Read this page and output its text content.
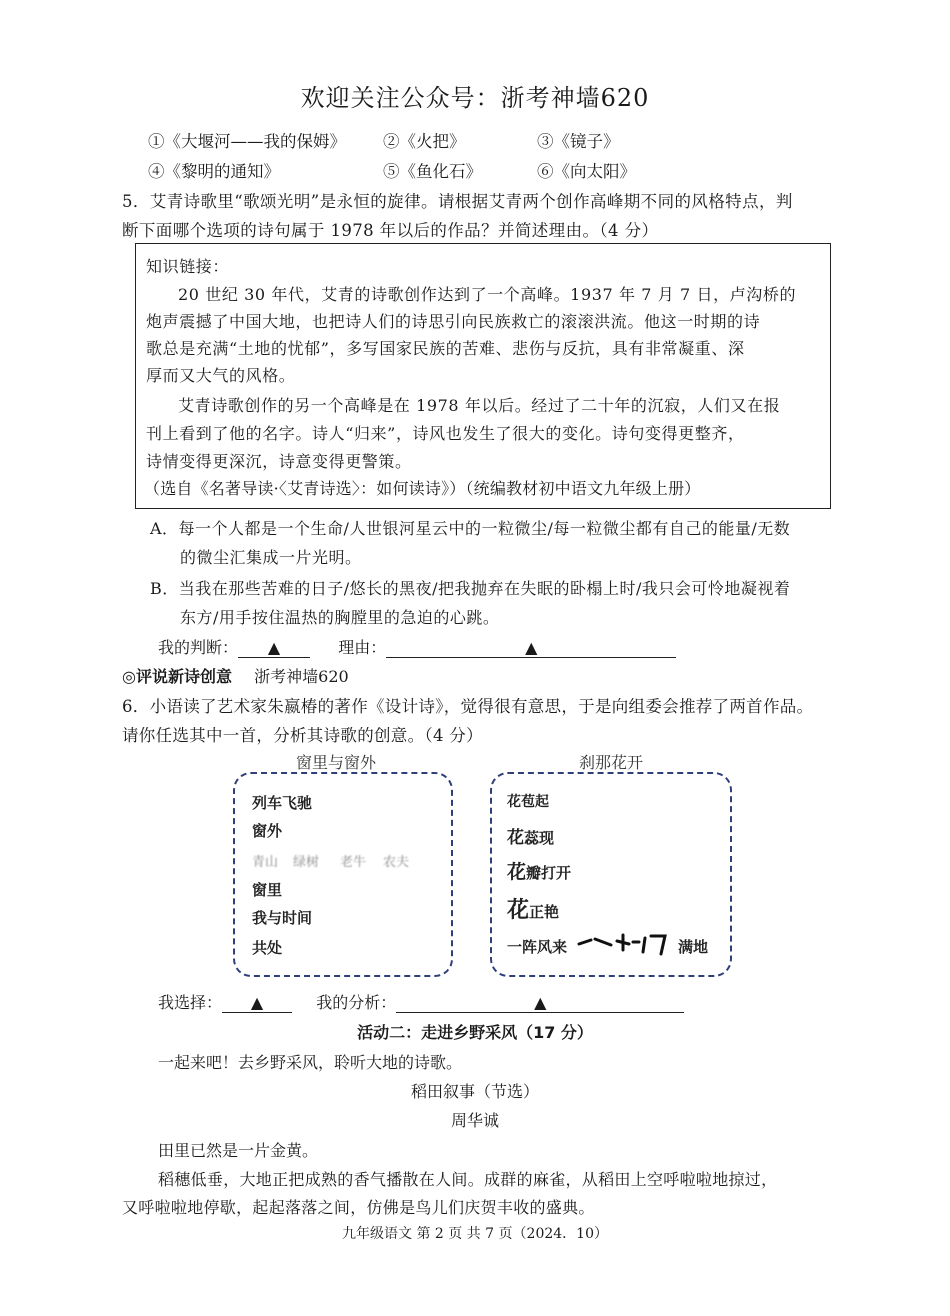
欢迎关注公众号：浙考神墙620
①《大堰河——我的保姆》 ②《火把》	③《镜子》
④《黎明的通知》	⑤《鱼化石》	⑥《向太阳》
5．艾青诗歌里“歌颂光明”是永恒的旋律。请根据艾青两个创作高峰期不同的风格特点，判
断下面哪个选项的诗句属于 1978 年以后的作品？并简述理由。（4 分）
知识链接：
20 世纪 30 年代，艾青的诗歌创作达到了一个高峰。1937 年 7 月 7 日，卢沟桥的
炮声震撼了中国大地，也把诗人们的诗思引向民族救亡的滚滚洪流。他这一时期的诗
歌总是充满“土地的忧郁”，多写国家民族的苦难、悲伤与反抗，具有非常凝重、深
厚而又大气的风格。
艾青诗歌创作的另一个高峰是在 1978 年以后。经过了二十年的沉寂，人们又在报
刊上看到了他的名字。诗人“归来”，诗风也发生了很大的变化。诗句变得更整齐，
诗情变得更深沉，诗意变得更警策。
（选自《名著导读·〈艾青诗选〉：如何读诗》）（统编教材初中语文九年级上册）
A．每一个人都是一个生命/人世银河星云中的一粒微尘/每一粒微尘都有自己的能量/无数
的微尘汇集成一片光明。
B．当我在那些苦难的日子/悠长的黑夜/把我抛弃在失眠的卧榻上时/我只会可怜地凝视着
东方/用手按住温热的胸膛里的急迫的心跳。
我的判断： ▲	理由：	▲
◎评说新诗创意 浙考神墙620
6．小语读了艺术家朱嬴椿的著作《设计诗》，觉得很有意思，于是向组委会推荐了两首作品。
请你任选其中一首，分析其诗歌的创意。（4 分）
窗里与窗外	刹那花开
列车飞驰
窗外
青山 绿树 老牛 农夫
窗里
我与时间
共处
花苞起
花蕊现
花瓣打开
花正艳
一阵风来	满地
我选择： ▲	我的分析：	▲
活动二：走进乡野采风（17 分）
一起来吧！去乡野采风，聆听大地的诗歌。
稻田叙事（节选）
周华诚
田里已然是一片金黄。
稻穗低垂，大地正把成熟的香气播散在人间。成群的麻雀，从稻田上空呼啦啦地掠过，
又呼啦啦地停歇，起起落落之间，仿佛是鸟儿们庆贺丰收的盛典。
九年级语文 第 2 页 共 7 页（2024．10）
